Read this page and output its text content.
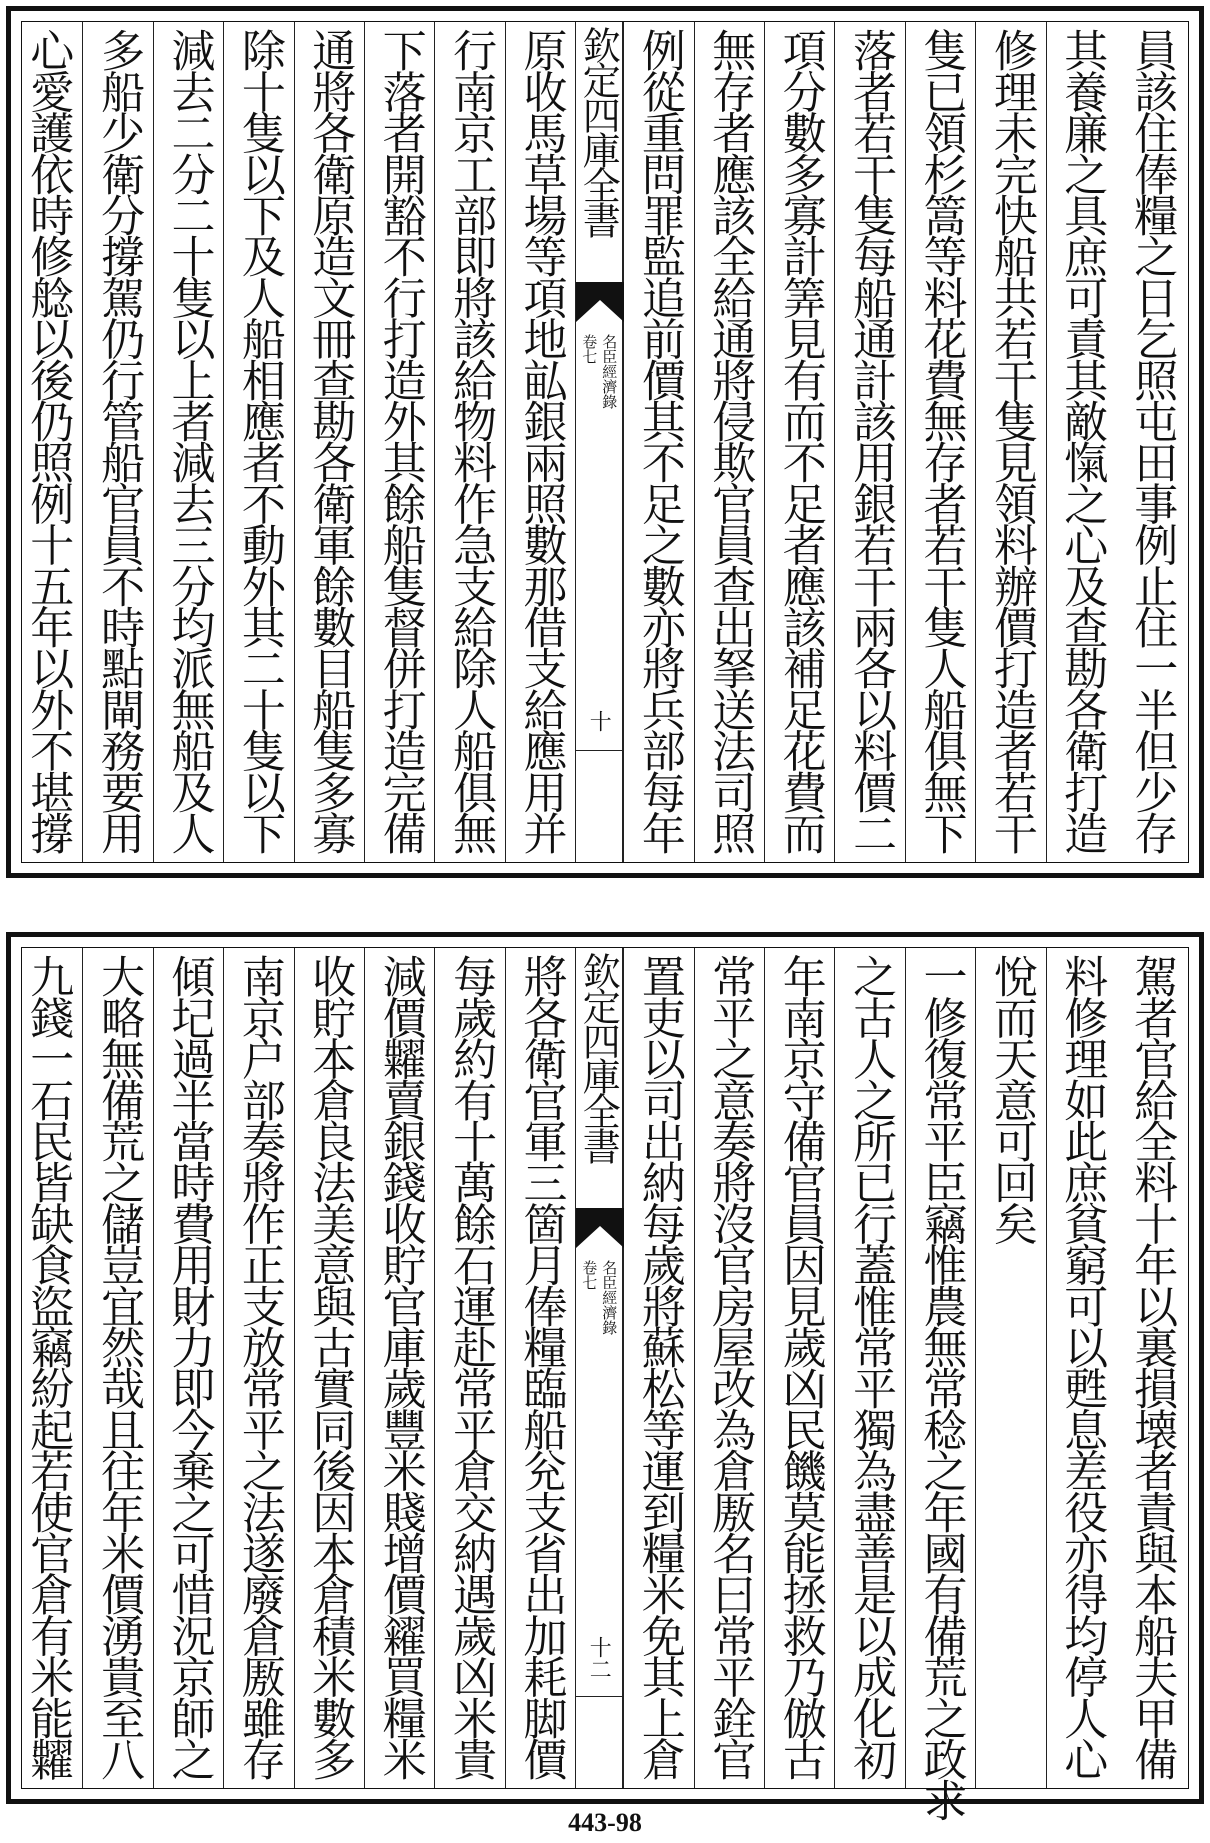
員該住俸糧之日乞照屯田事例止住一半但少存
其養廉之具庶可責其敵愾之心及查勘各衛打造
修理未完快船共若干隻見領料辦價打造者若干
隻已領杉篙等料花費無存者若干隻人船俱無下
落者若干隻每船通計該用銀若干兩各以料價二
項分數多寡計筭見有而不足者應該補足花費而
無存者應該全給通將侵欺官員查出拏送法司照
例從重問罪監追前價其不足之數亦將兵部每年
欽定四庫全書
名臣經濟錄
卷七
十
原收馬草場等項地畆銀兩照數那借支給應用并
行南京工部即將該給物料作急支給除人船俱無
下落者開豁不行打造外其餘船隻督併打造完備
通將各衛原造文冊查勘各衛軍餘數目船隻多寡
除十隻以下及人船相應者不動外其二十隻以下
減去二分二十隻以上者減去三分均派無船及人
多船少衛分撐駕仍行管船官員不時點閘務要用
心愛護依時修艌以後仍照例十五年以外不堪撐
駕者官給全料十年以裏損壊者責與本船夫甲備
料修理如此庶貧窮可以甦息差役亦得均停人心
悅而天意可回矣
一修復常平臣竊惟農無常稔之年國有備荒之政求
之古人之所已行蓋惟常平獨為盡善是以成化初
年南京守備官員因見歲凶民饑莫能拯救乃倣古
常平之意奏將沒官房屋改為倉厫名曰常平銓官
置吏以司出納每歲將蘇松等運到糧米免其上倉
欽定四庫全書
名臣經濟錄
卷七
十二
將各衛官軍三箇月俸糧臨船兊支省出加耗脚價
每歲約有十萬餘石運赴常平倉交納遇歲凶米貴
減價糶賣銀錢收貯官庫歲豐米賤增價糴買糧米
收貯本倉良法美意與古實同後因本倉積米數多
南京户部奏將作正支放常平之法遂廢倉厫雖存
傾圮過半當時費用財力即今棄之可惜況京師之
大略無備荒之儲豈宜然哉且往年米價湧貴至八
九錢一石民皆缺食盜竊紛起若使官倉有米能糶
443-98
